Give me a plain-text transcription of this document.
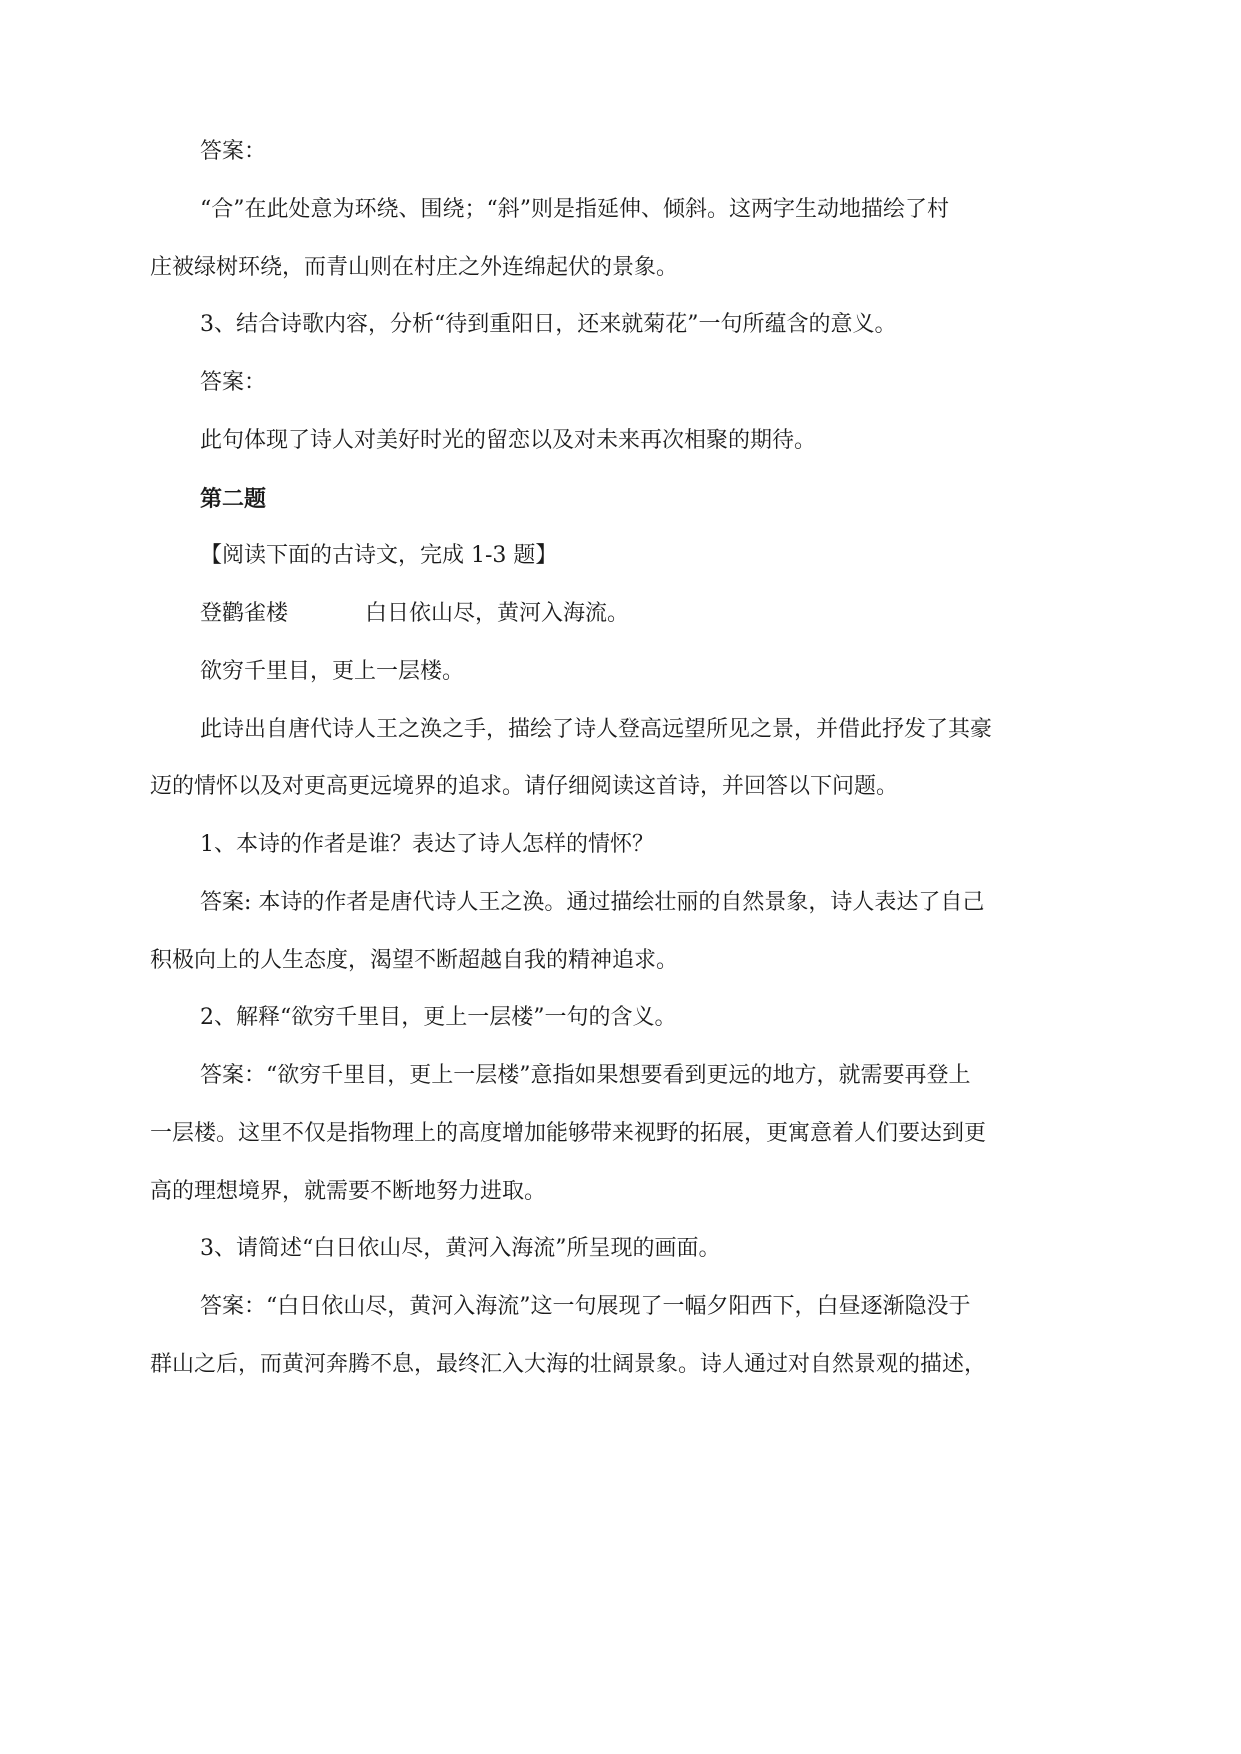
答案：
“合”在此处意为环绕、围绕；“斜”则是指延伸、倾斜。这两字生动地描绘了村
庄被绿树环绕，而青山则在村庄之外连绵起伏的景象。
3、结合诗歌内容，分析“待到重阳日，还来就菊花”一句所蕴含的意义。
答案：
此句体现了诗人对美好时光的留恋以及对未来再次相聚的期待。
第二题
【阅读下面的古诗文，完成 1-3 题】
登鹳雀楼	白日依山尽，黄河入海流。
欲穷千里目，更上一层楼。
此诗出自唐代诗人王之涣之手，描绘了诗人登高远望所见之景，并借此抒发了其豪
迈的情怀以及对更高更远境界的追求。请仔细阅读这首诗，并回答以下问题。
1、本诗的作者是谁？表达了诗人怎样的情怀？
答案: 本诗的作者是唐代诗人王之涣。通过描绘壮丽的自然景象，诗人表达了自己
积极向上的人生态度，渴望不断超越自我的精神追求。
2、解释“欲穷千里目，更上一层楼”一句的含义。
答案：“欲穷千里目，更上一层楼”意指如果想要看到更远的地方，就需要再登上
一层楼。这里不仅是指物理上的高度增加能够带来视野的拓展，更寓意着人们要达到更
高的理想境界，就需要不断地努力进取。
3、请简述“白日依山尽，黄河入海流”所呈现的画面。
答案：“白日依山尽，黄河入海流”这一句展现了一幅夕阳西下，白昼逐渐隐没于
群山之后，而黄河奔腾不息，最终汇入大海的壮阔景象。诗人通过对自然景观的描述，
